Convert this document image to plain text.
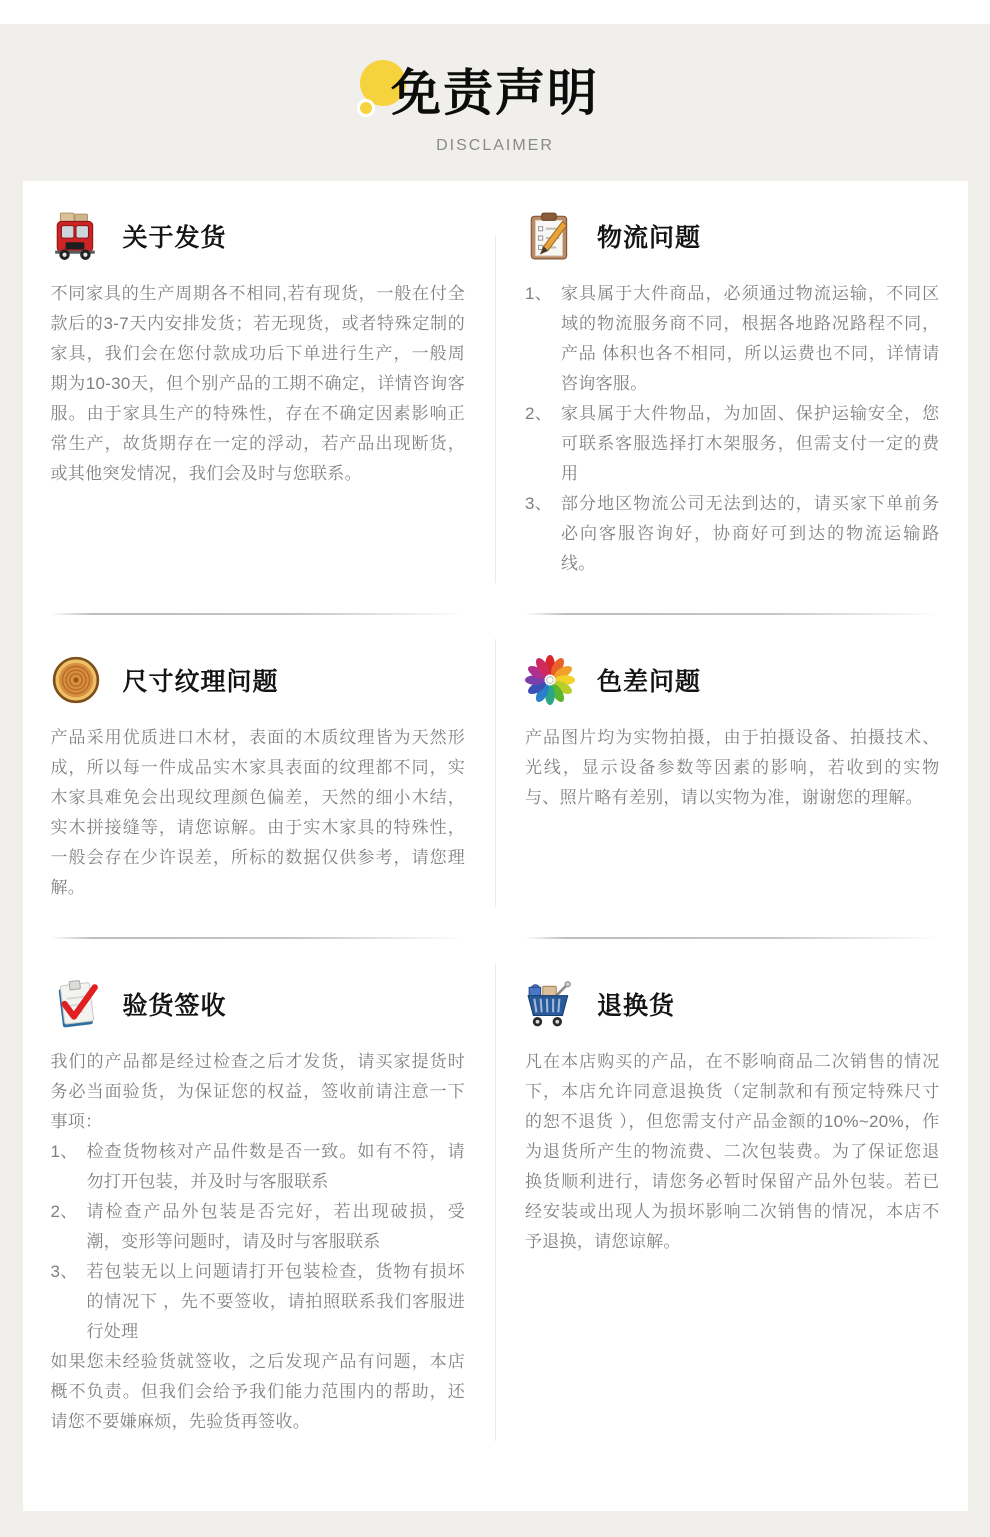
免责声明
DISCLAIMER
关于发货

不同家具的生产周期各不相同,若有现货，一般在付全款后的3-7天内安排发货；若无现货，或者特殊定制的家具，我们会在您付款成功后下单进行生产，一般周期为10-30天，但个别产品的工期不确定，详情咨询客服。由于家具生产的特殊性，存在不确定因素影响正常生产，故货期存在一定的浮动，若产品出现断货，或其他突发情况，我们会及时与您联系。

物流问题
1、 家具属于大件商品，必须通过物流运输，不同区域的物流服务商不同，根据各地路况路程不同，产品 体积也各不相同，所以运费也不同，详情请咨询客服。
2、 家具属于大件物品，为加固、保护运输安全，您可联系客服选择打木架服务，但需支付一定的费用
3、 部分地区物流公司无法到达的，请买家下单前务必向客服咨询好，协商好可到达的物流运输路线。
尺寸纹理问题

产品采用优质进口木材，表面的木质纹理皆为天然形成，所以每一件成品实木家具表面的纹理都不同，实木家具难免会出现纹理颜色偏差，天然的细小木结，实木拼接缝等，请您谅解。由于实木家具的特殊性，一般会存在少许误差，所标的数据仅供参考，请您理解。

色差问题

产品图片均为实物拍摄，由于拍摄设备、拍摄技术、光线，显示设备参数等因素的影响，若收到的实物与、照片略有差别，请以实物为准，谢谢您的理解。

验货签收

我们的产品都是经过检查之后才发货，请买家提货时务必当面验货，为保证您的权益，签收前请注意一下事项：

1、 检查货物核对产品件数是否一致。如有不符，请勿打开包装，并及时与客服联系
2、 请检查产品外包装是否完好，若出现破损，受潮，变形等问题时，请及时与客服联系
3、 若包装无以上问题请打开包装检查，货物有损坏的情况下 ，先不要签收，请拍照联系我们客服进行处理

如果您未经验货就签收，之后发现产品有问题，本店概不负责。但我们会给予我们能力范围内的帮助，还请您不要嫌麻烦，先验货再签收。

退换货

凡在本店购买的产品，在不影响商品二次销售的情况下，本店允许同意退换货（定制款和有预定特殊尺寸的恕不退货 ），但您需支付产品金额的10%~20%，作为退货所产生的物流费、二次包装费。为了保证您退换货顺利进行，请您务必暂时保留产品外包装。若已经安装或出现人为损坏影响二次销售的情况，本店不予退换，请您谅解。
